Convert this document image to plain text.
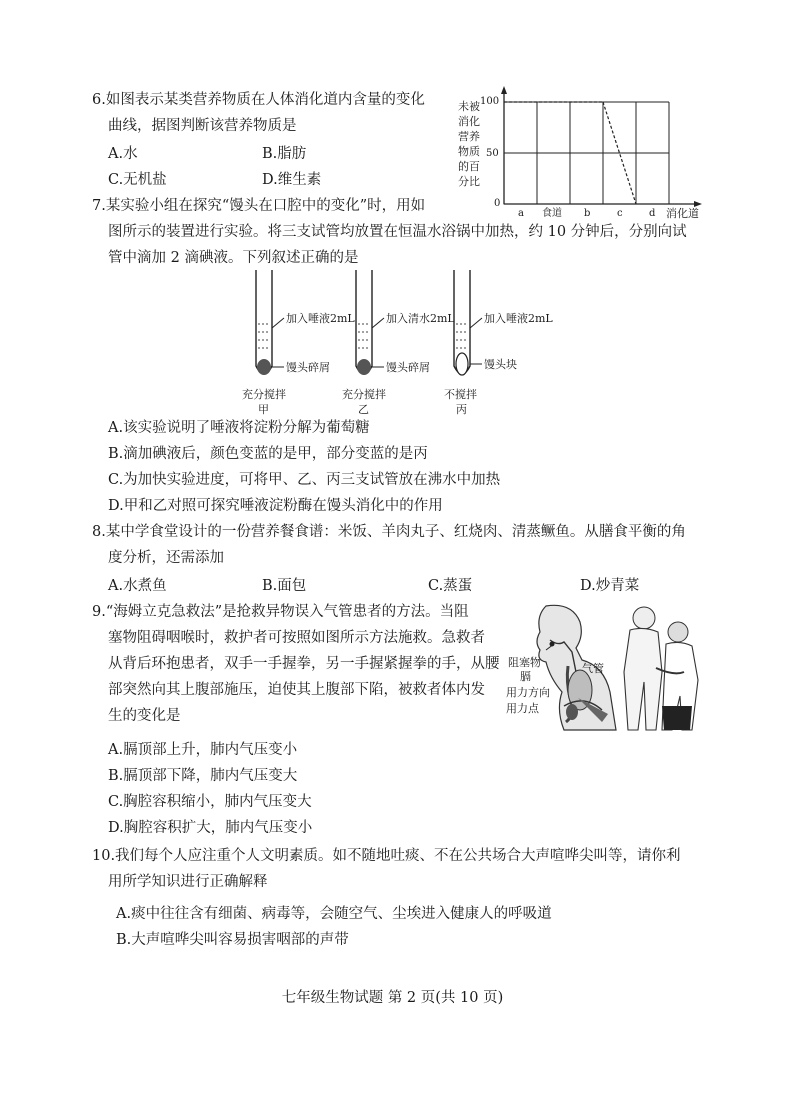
6.如图表示某类营养物质在人体消化道内含量的变化
曲线，据图判断该营养物质是
A.水	B.脂肪
C.无机盐	D.维生素
未被
消化
营养
物质
的百
分比
100
50
0
a 食道 b	c	d 消化道
7.某实验小组在探究“馒头在口腔中的变化”时，用如
图所示的装置进行实验。将三支试管均放置在恒温水浴锅中加热，约 10 分钟后，分别向试
管中滴加 2 滴碘液。下列叙述正确的是
加入唾液2mL
馒头碎屑
充分搅拌
甲
加入清水2mL
馒头碎屑
充分搅拌
乙
加入唾液2mL
馒头块
不搅拌
丙
A.该实验说明了唾液将淀粉分解为葡萄糖
B.滴加碘液后，颜色变蓝的是甲，部分变蓝的是丙
C.为加快实验进度，可将甲、乙、丙三支试管放在沸水中加热
D.甲和乙对照可探究唾液淀粉酶在馒头消化中的作用
8.某中学食堂设计的一份营养餐食谱：米饭、羊肉丸子、红烧肉、清蒸鳜鱼。从膳食平衡的角
度分析，还需添加
A.水煮鱼	B.面包	C.蒸蛋	D.炒青菜
9.“海姆立克急救法”是抢救异物误入气管患者的方法。当阻
塞物阻碍咽喉时，救护者可按照如图所示方法施救。急救者
从背后环抱患者，双手一手握拳，另一手握紧握拳的手，从腰
部突然向其上腹部施压，迫使其上腹部下陷，被救者体内发
生的变化是
阻塞物
膈
气管
用力方向
用力点
A.膈顶部上升，肺内气压变小
B.膈顶部下降，肺内气压变大
C.胸腔容积缩小，肺内气压变大
D.胸腔容积扩大，肺内气压变小
10.我们每个人应注重个人文明素质。如不随地吐痰、不在公共场合大声喧哗尖叫等，请你利
用所学知识进行正确解释
A.痰中往往含有细菌、病毒等，会随空气、尘埃进入健康人的呼吸道
B.大声喧哗尖叫容易损害咽部的声带
七年级生物试题 第 2 页(共 10 页)
